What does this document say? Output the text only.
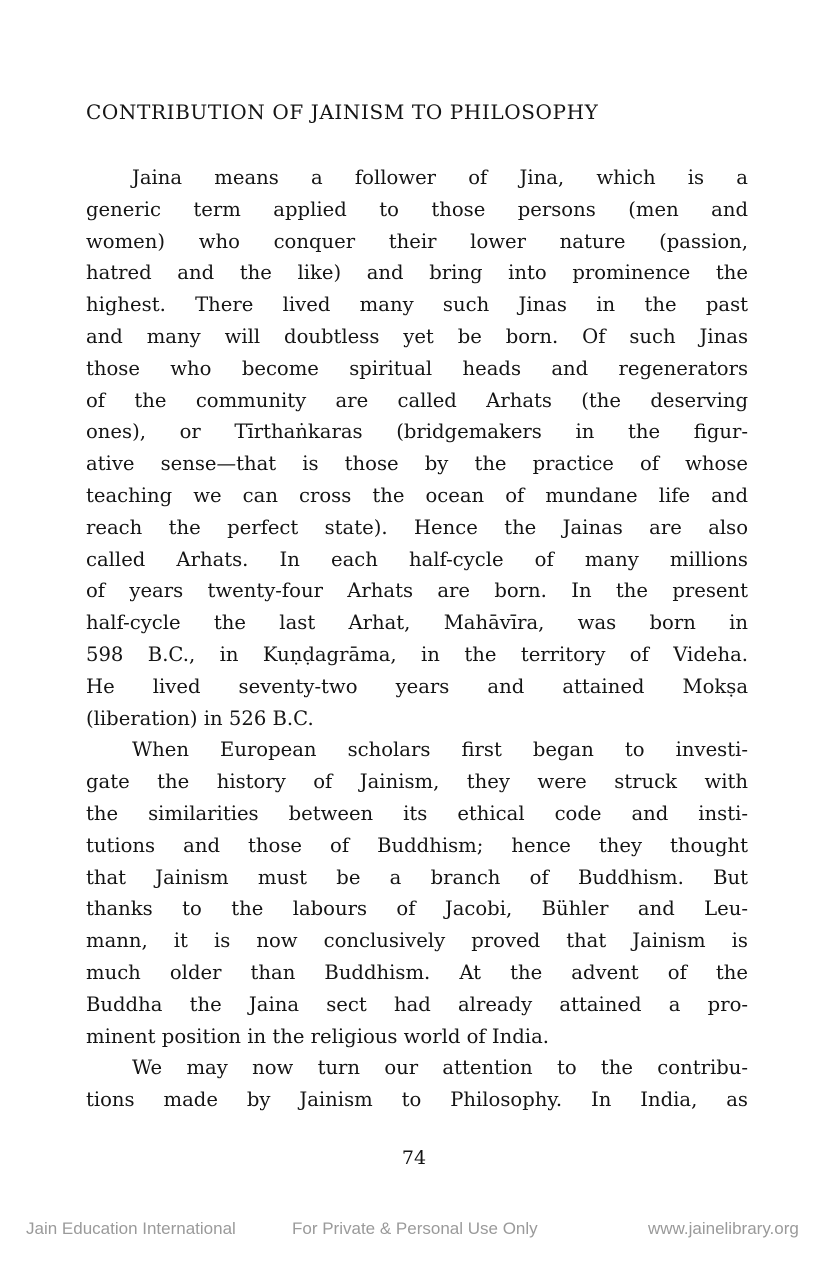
CONTRIBUTION OF JAINISM TO PHILOSOPHY
Jaina means a follower of Jina, which is a
generic term applied to those persons (men and
women) who conquer their lower nature (passion,
hatred and the like) and bring into prominence the
highest. There lived many such Jinas in the past
and many will doubtless yet be born. Of such Jinas
those who become spiritual heads and regenerators
of the community are called Arhats (the deserving
ones), or Tīrthaṅkaras (bridgemakers in the figur-
ative sense—that is those by the practice of whose
teaching we can cross the ocean of mundane life and
reach the perfect state). Hence the Jainas are also
called Arhats. In each half-cycle of many millions
of years twenty-four Arhats are born. In the present
half-cycle the last Arhat, Mahāvīra, was born in
598 B.C., in Kuṇḍagrāma, in the territory of Videha.
He lived seventy-two years and attained Mokṣa
(liberation) in 526 B.C.
When European scholars first began to investi-
gate the history of Jainism, they were struck with
the similarities between its ethical code and insti-
tutions and those of Buddhism; hence they thought
that Jainism must be a branch of Buddhism. But
thanks to the labours of Jacobi, Bühler and Leu-
mann, it is now conclusively proved that Jainism is
much older than Buddhism. At the advent of the
Buddha the Jaina sect had already attained a pro-
minent position in the religious world of India.
We may now turn our attention to the contribu-
tions made by Jainism to Philosophy. In India, as
74
Jain Education International	For Private & Personal Use Only	www.jainelibrary.org
